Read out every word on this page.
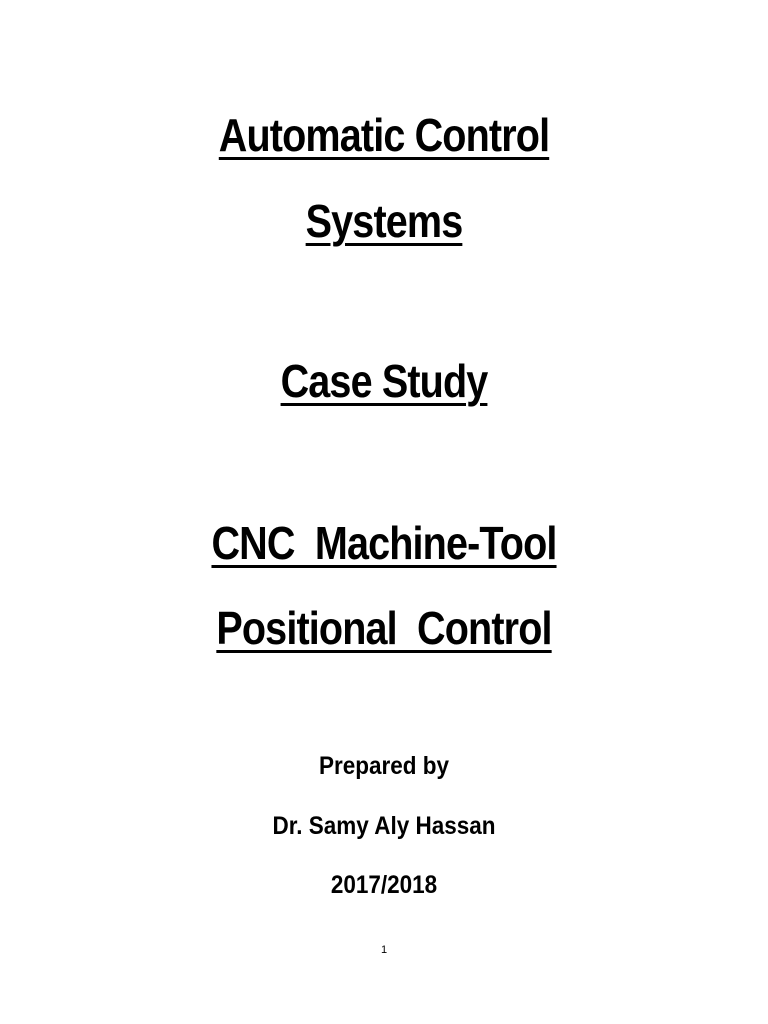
Automatic Control
Systems
Case Study
CNC  Machine-Tool
Positional  Control
Prepared by
Dr. Samy Aly Hassan
2017/2018
1
